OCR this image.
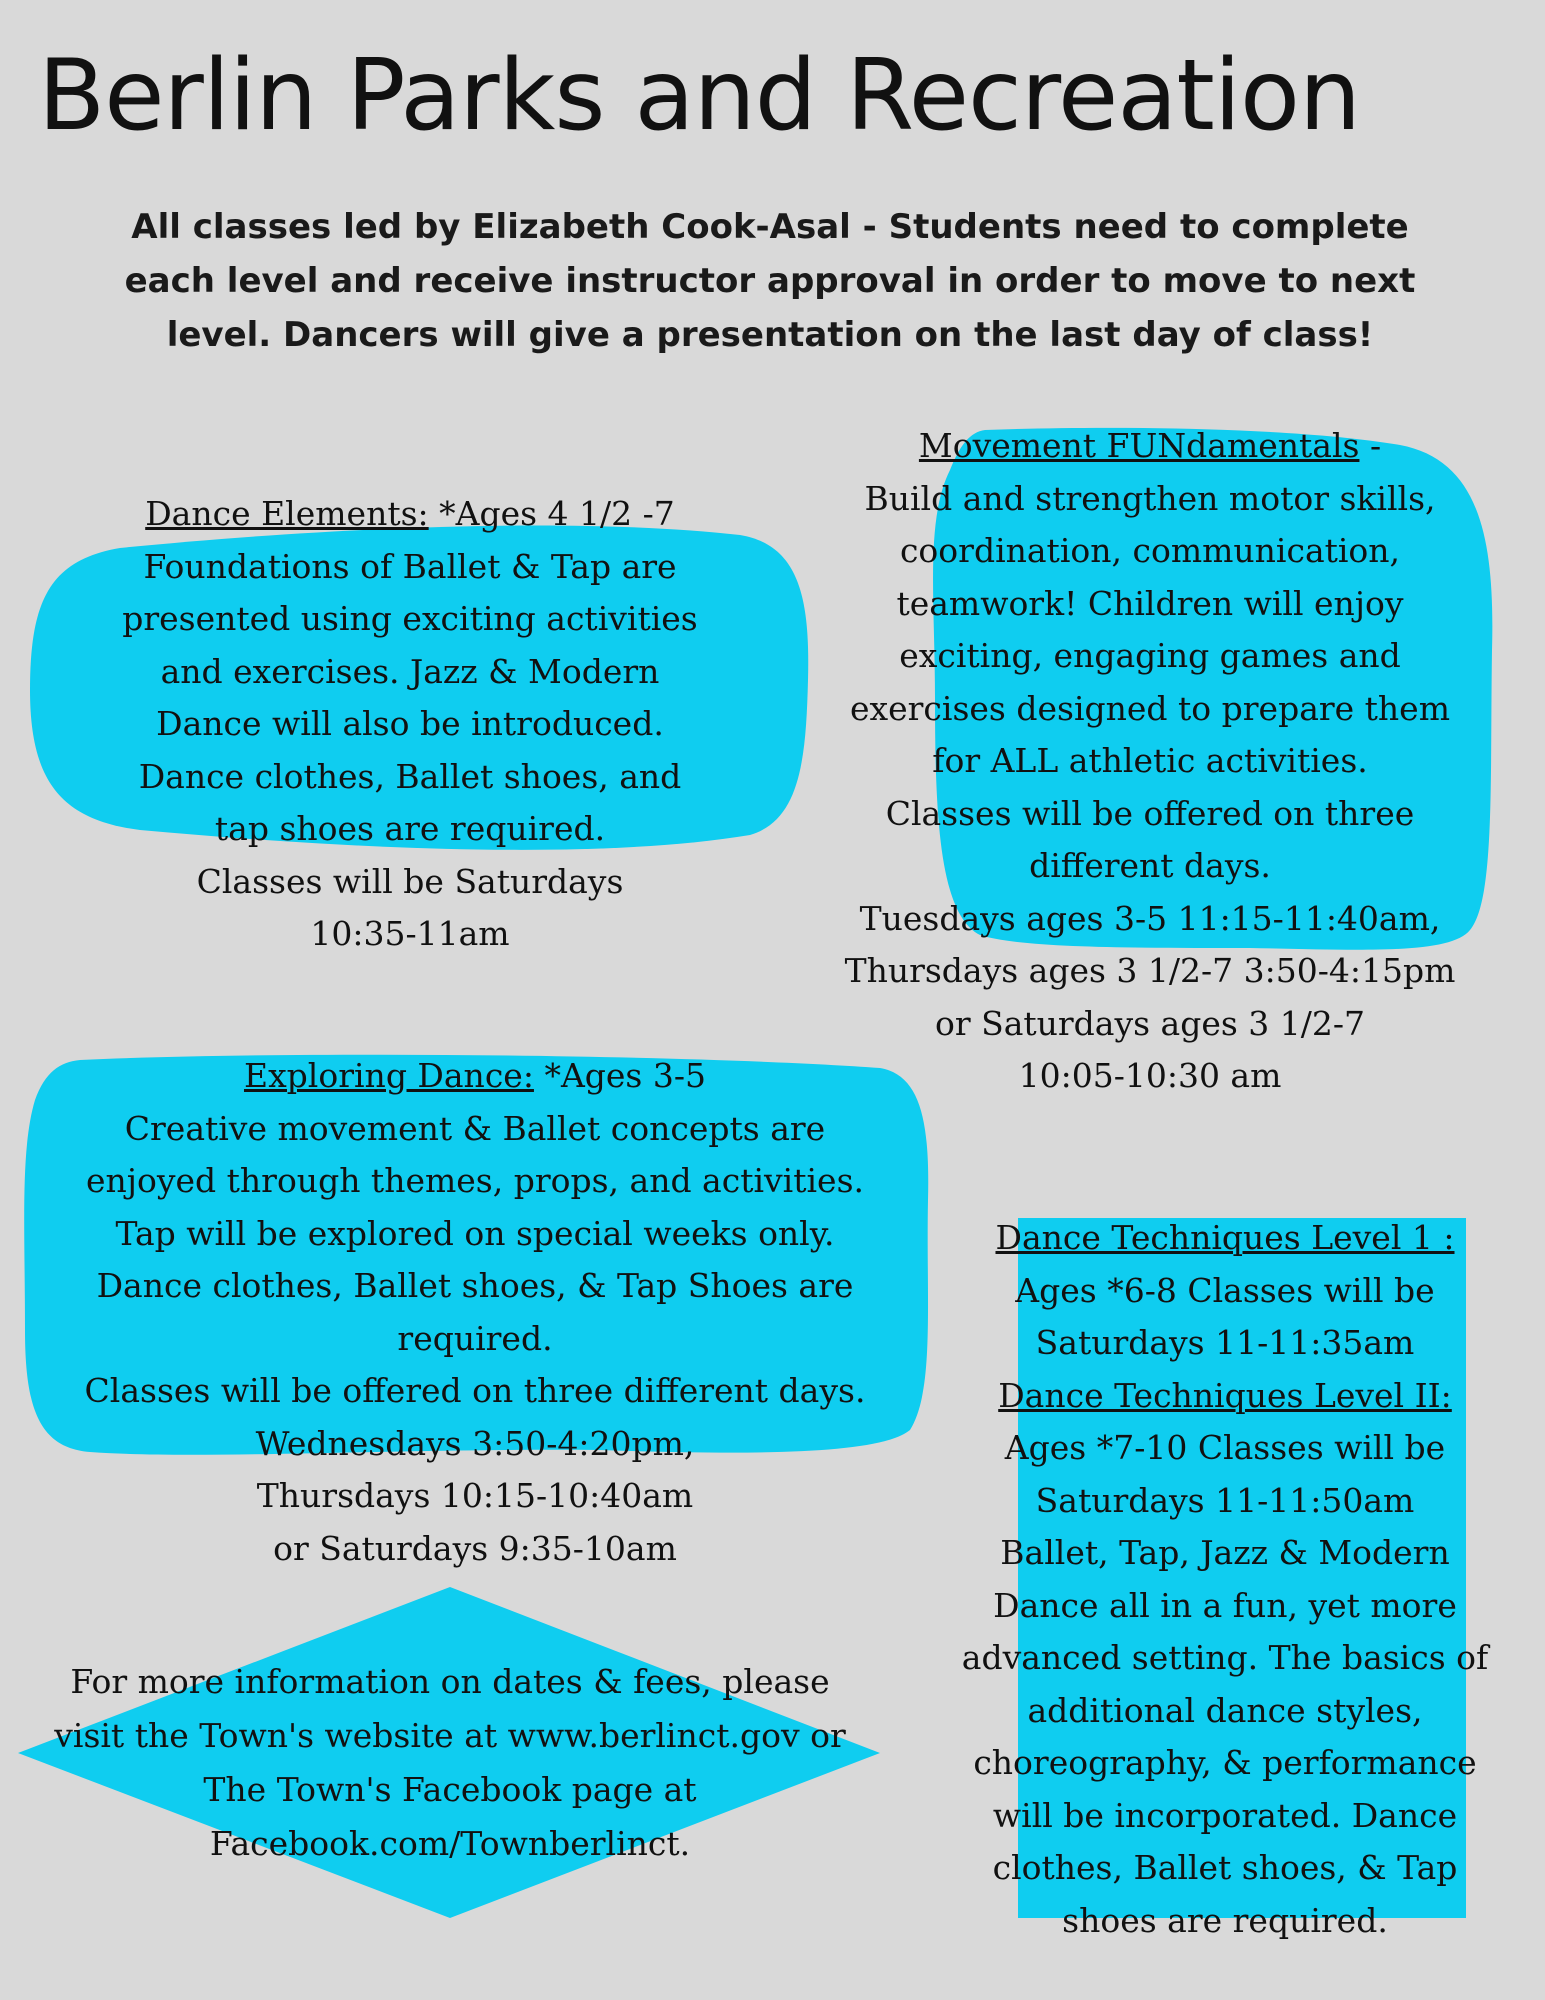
Berlin Parks and Recreation

All classes led by Elizabeth Cook-Asal - Students need to complete

each level and receive instructor approval in order to move to next

level. Dancers will give a presentation on the last day of class!

Dance Elements: *Ages 4 1/2 -7

Foundations of Ballet & Tap are

presented using exciting activities

and exercises. Jazz & Modern

Dance will also be introduced.

Dance clothes, Ballet shoes, and

tap shoes are required.

Classes will be Saturdays

10:35-11am

Movement FUNdamentals -

Build and strengthen motor skills,

coordination, communication,

teamwork! Children will enjoy

exciting, engaging games and

exercises designed to prepare them

for ALL athletic activities.

Classes will be offered on three

different days.

Tuesdays ages 3-5 11:15-11:40am,

Thursdays ages 3 1/2-7 3:50-4:15pm

or Saturdays ages 3 1/2-7

10:05-10:30 am

Exploring Dance: *Ages 3-5

Creative movement & Ballet concepts are

enjoyed through themes, props, and activities.

Tap will be explored on special weeks only.

Dance clothes, Ballet shoes, & Tap Shoes are

required.

Classes will be offered on three different days.

Wednesdays 3:50-4:20pm,

Thursdays 10:15-10:40am

or Saturdays 9:35-10am

Dance Techniques Level 1 :

Ages *6-8 Classes will be

Saturdays 11-11:35am

Dance Techniques Level II:

Ages *7-10 Classes will be

Saturdays 11-11:50am

Ballet, Tap, Jazz & Modern

Dance all in a fun, yet more

advanced setting. The basics of

additional dance styles,

choreography, & performance

will be incorporated. Dance

clothes, Ballet shoes, & Tap

shoes are required.

For more information on dates & fees, please

visit the Town's website at www.berlinct.gov or

The Town's Facebook page at

Facebook.com/Townberlinct.
